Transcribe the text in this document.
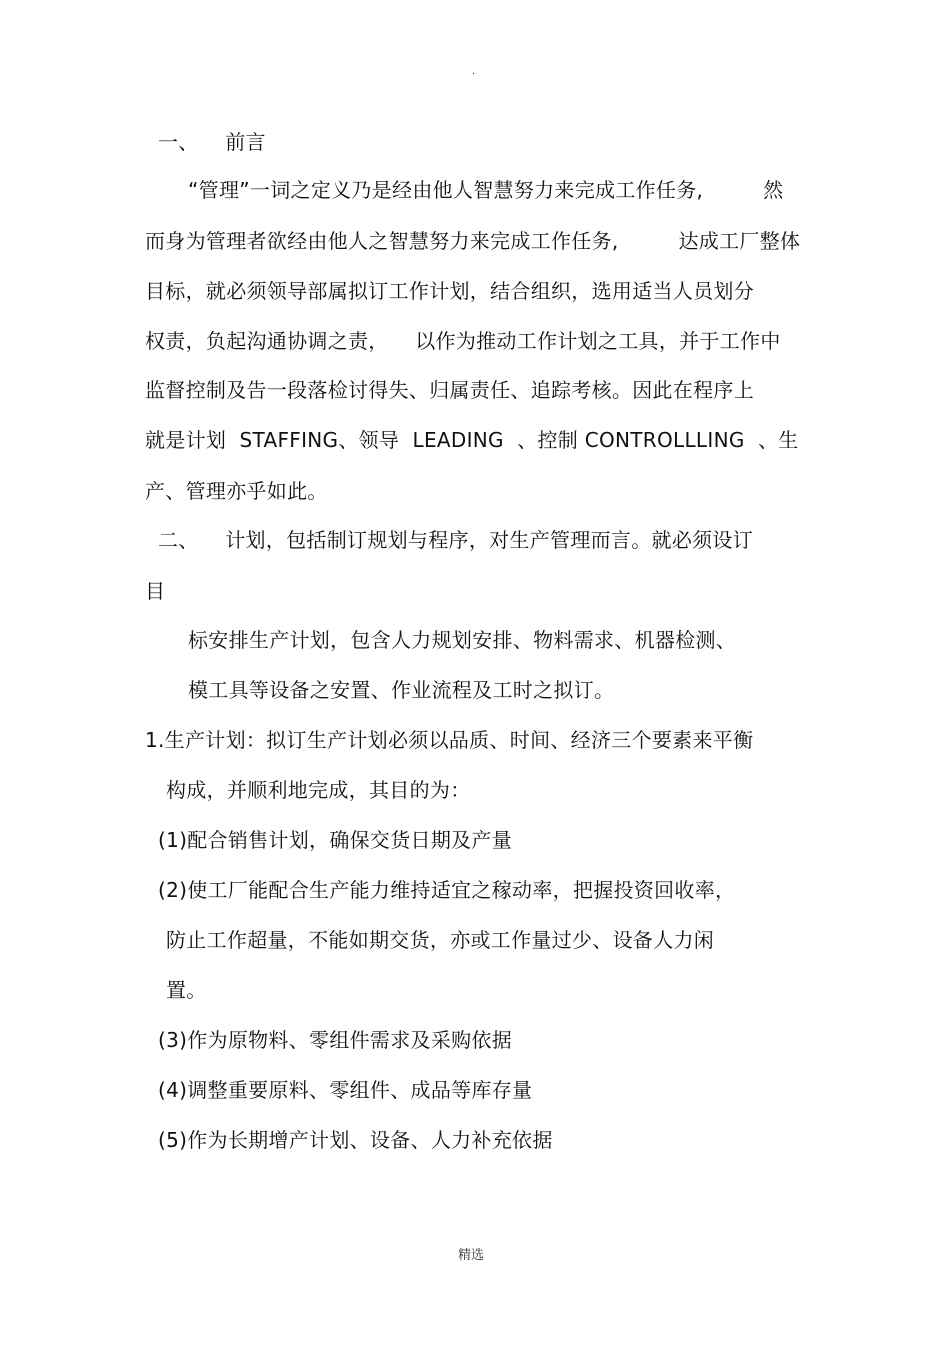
.
一、    前言
“管理”一词之定义乃是经由他人智慧努力来完成工作任务,         然
而身为管理者欲经由他人之智慧努力来完成工作任务,         达成工厂整体
目标，就必须领导部属拟订工作计划，结合组织，选用适当人员划分
权责，负起沟通协调之责，    以作为推动工作计划之工具，并于工作中
监督控制及告一段落检讨得失、归属责任、追踪考核。因此在程序上
就是计划  STAFFING、领导  LEADING  、控制 CONTROLLLING  、生
产、管理亦乎如此。
二、    计划，包括制订规划与程序，对生产管理而言。就必须设订
目
标安排生产计划，包含人力规划安排、物料需求、机器检测、
模工具等设备之安置、作业流程及工时之拟订。
1.生产计划：拟订生产计划必须以品质、时间、经济三个要素来平衡
构成，并顺利地完成，其目的为：
(1)配合销售计划，确保交货日期及产量
(2)使工厂能配合生产能力维持适宜之稼动率，把握投资回收率，
防止工作超量，不能如期交货，亦或工作量过少、设备人力闲
置。
(3)作为原物料、零组件需求及采购依据
(4)调整重要原料、零组件、成品等库存量
(5)作为长期增产计划、设备、人力补充依据
精选
